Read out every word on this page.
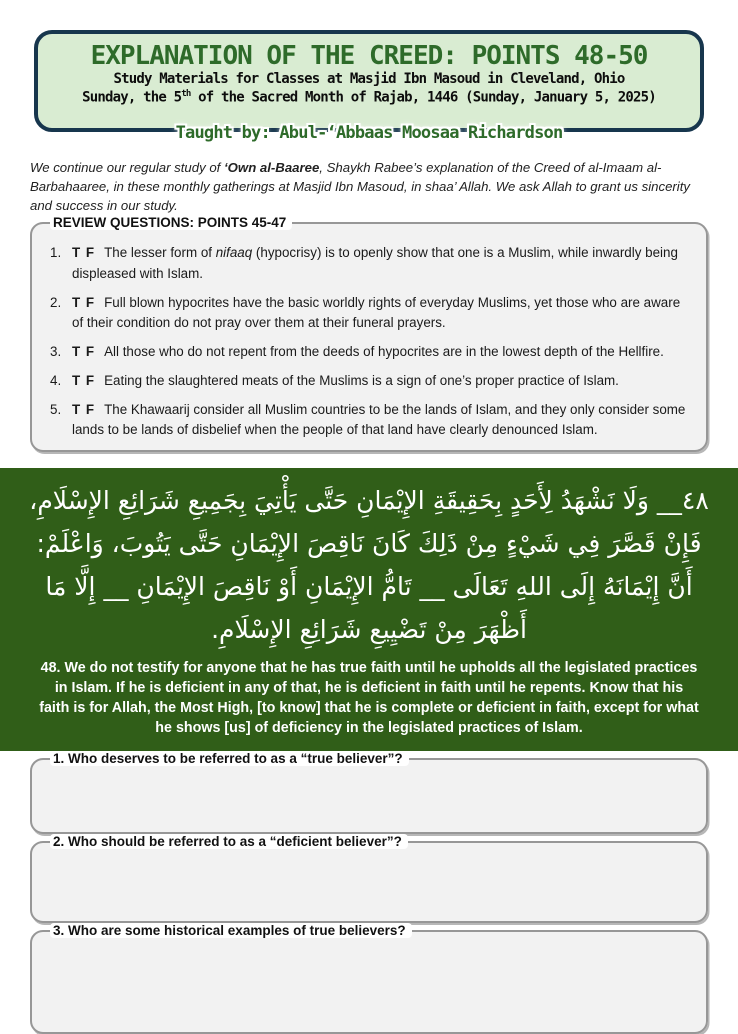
EXPLANATION OF THE CREED: POINTS 48-50
Study Materials for Classes at Masjid Ibn Masoud in Cleveland, Ohio
Sunday, the 5th of the Sacred Month of Rajab, 1446 (Sunday, January 5, 2025)
Taught by: Abul-‘Abbaas Moosaa Richardson

We continue our regular study of ‘Own al-Baaree, Shaykh Rabee’s explanation of the Creed of al-Imaam al-Barbahaaree, in these monthly gatherings at Masjid Ibn Masoud, in shaa’ Allah. We ask Allah to grant us sincerity and success in our study.

REVIEW QUESTIONS: POINTS 45-47
1. T F The lesser form of nifaaq (hypocrisy) is to openly show that one is a Muslim, while inwardly being displeased with Islam.
2. T F Full blown hypocrites have the basic worldly rights of everyday Muslims, yet those who are aware of their condition do not pray over them at their funeral prayers.
3. T F All those who do not repent from the deeds of hypocrites are in the lowest depth of the Hellfire.
4. T F Eating the slaughtered meats of the Muslims is a sign of one’s proper practice of Islam.
5. T F The Khawaarij consider all Muslim countries to be the lands of Islam, and they only consider some lands to be lands of disbelief when the people of that land have clearly denounced Islam.
٤٨__ وَلَا نَشْهَدُ لِأَحَدٍ بِحَقِيقَةِ الإِيْمَانِ حَتَّى يَأْتِيَ بِجَمِيعِ شَرَائِعِ الإِسْلَامِ، فَإِنْ قَصَّرَ فِي شَيْءٍ مِنْ ذَلِكَ كَانَ نَاقِصَ الإِيْمَانِ حَتَّى يَتُوبَ، وَاعْلَمْ: أَنَّ إِيْمَانَهُ إِلَى اللهِ تَعَالَى __ تَامُّ الإِيْمَانِ أَوْ نَاقِصَ الإِيْمَانِ __ إِلَّا مَا أَظْهَرَ مِنْ تَضْيِيعِ شَرَائِعِ الإِسْلَامِ.
48. We do not testify for anyone that he has true faith until he upholds all the legislated practices in Islam. If he is deficient in any of that, he is deficient in faith until he repents. Know that his faith is for Allah, the Most High, [to know] that he is complete or deficient in faith, except for what he shows [us] of deficiency in the legislated practices of Islam.
1. Who deserves to be referred to as a “true believer”?
2. Who should be referred to as a “deficient believer”?
3. Who are some historical examples of true believers?
